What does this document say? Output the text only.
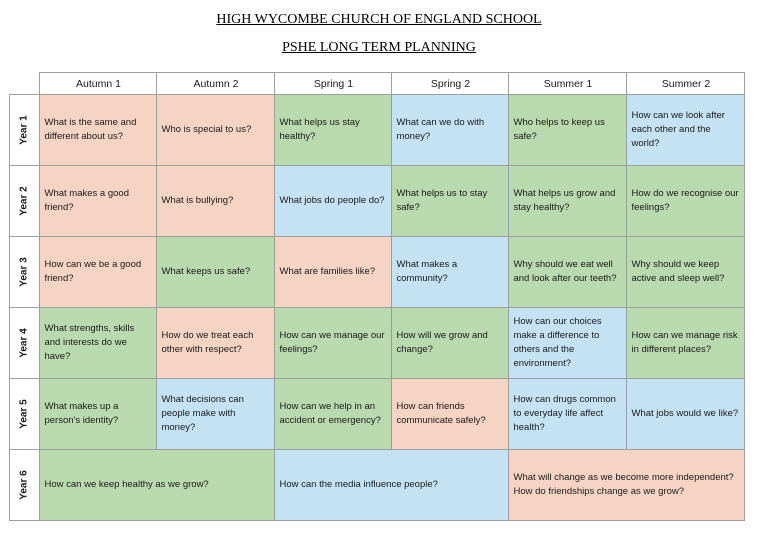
HIGH WYCOMBE CHURCH OF ENGLAND SCHOOL
PSHE LONG TERM PLANNING
	Autumn 1	Autumn 2	Spring 1	Spring 2	Summer 1	Summer 2
Year 1	What is the same and different about us?	Who is special to us?	What helps us stay healthy?	What can we do with money?	Who helps to keep us safe?	How can we look after each other and the world?
Year 2	What makes a good friend?	What is bullying?	What jobs do people do?	What helps us to stay safe?	What helps us grow and stay healthy?	How do we recognise our feelings?
Year 3	How can we be a good friend?	What keeps us safe?	What are families like?	What makes a community?	Why should we eat well and look after our teeth?	Why should we keep active and sleep well?
Year 4	What strengths, skills and interests do we have?	How do we treat each other with respect?	How can we manage our feelings?	How will we grow and change?	How can our choices make a difference to others and the environment?	How can we manage risk in different places?
Year 5	What makes up a person's identity?	What decisions can people make with money?	How can we help in an accident or emergency?	How can friends communicate safely?	How can drugs common to everyday life affect health?	What jobs would we like?
Year 6	How can we keep healthy as we grow?		How can the media influence people?		What will change as we become more independent? How do friendships change as we grow?	
